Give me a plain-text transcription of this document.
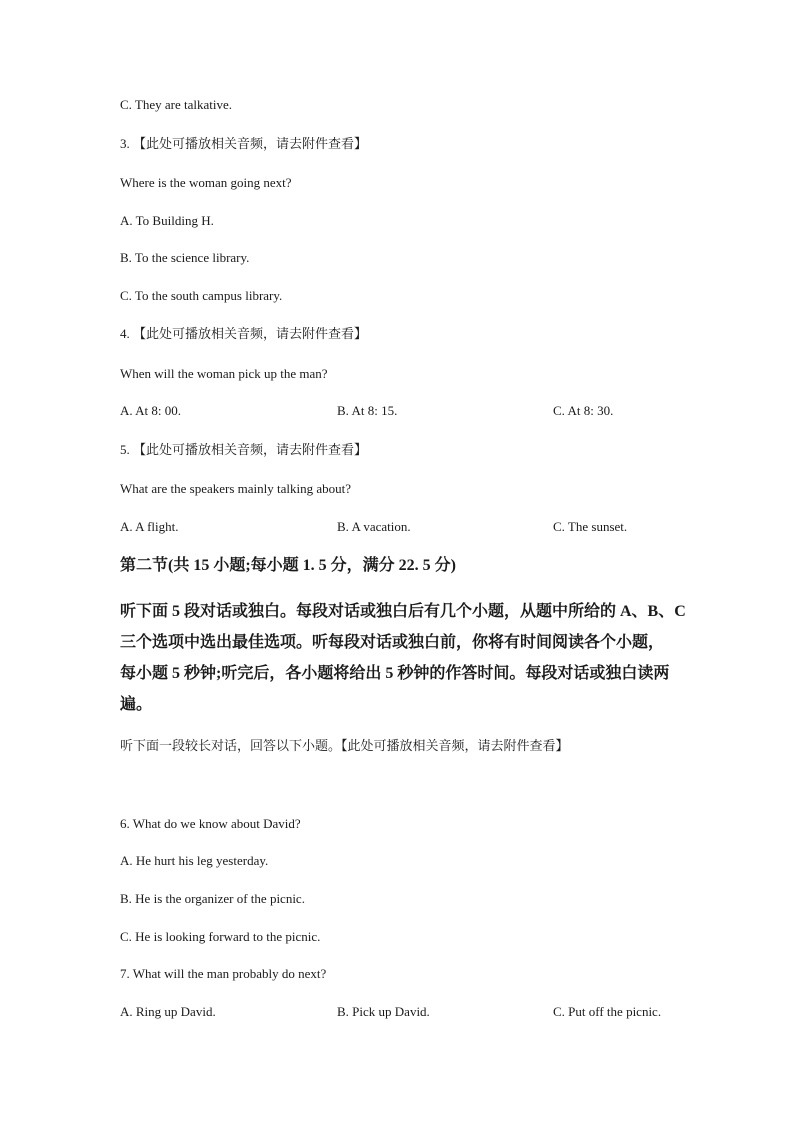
C. They are talkative.
3. 【此处可播放相关音频，请去附件查看】
Where is the woman going next?
A. To Building H.
B. To the science library.
C. To the south campus library.
4. 【此处可播放相关音频，请去附件查看】
When will the woman pick up the man?
A. At 8: 00.	B. At 8: 15.	C. At 8: 30.
5. 【此处可播放相关音频，请去附件查看】
What are the speakers mainly talking about?
A. A flight.	B. A vacation.	C. The sunset.
第二节(共 15 小题;每小题 1. 5 分，满分 22. 5 分)
听下面 5 段对话或独白。每段对话或独白后有几个小题，从题中所给的 A、B、C
三个选项中选出最佳选项。听每段对话或独白前，你将有时间阅读各个小题，
每小题 5 秒钟;听完后，各小题将给出 5 秒钟的作答时间。每段对话或独白读两
遍。
听下面一段较长对话，回答以下小题。【此处可播放相关音频，请去附件查看】
6. What do we know about David?
A. He hurt his leg yesterday.
B. He is the organizer of the picnic.
C. He is looking forward to the picnic.
7. What will the man probably do next?
A. Ring up David.	B. Pick up David.	C. Put off the picnic.
